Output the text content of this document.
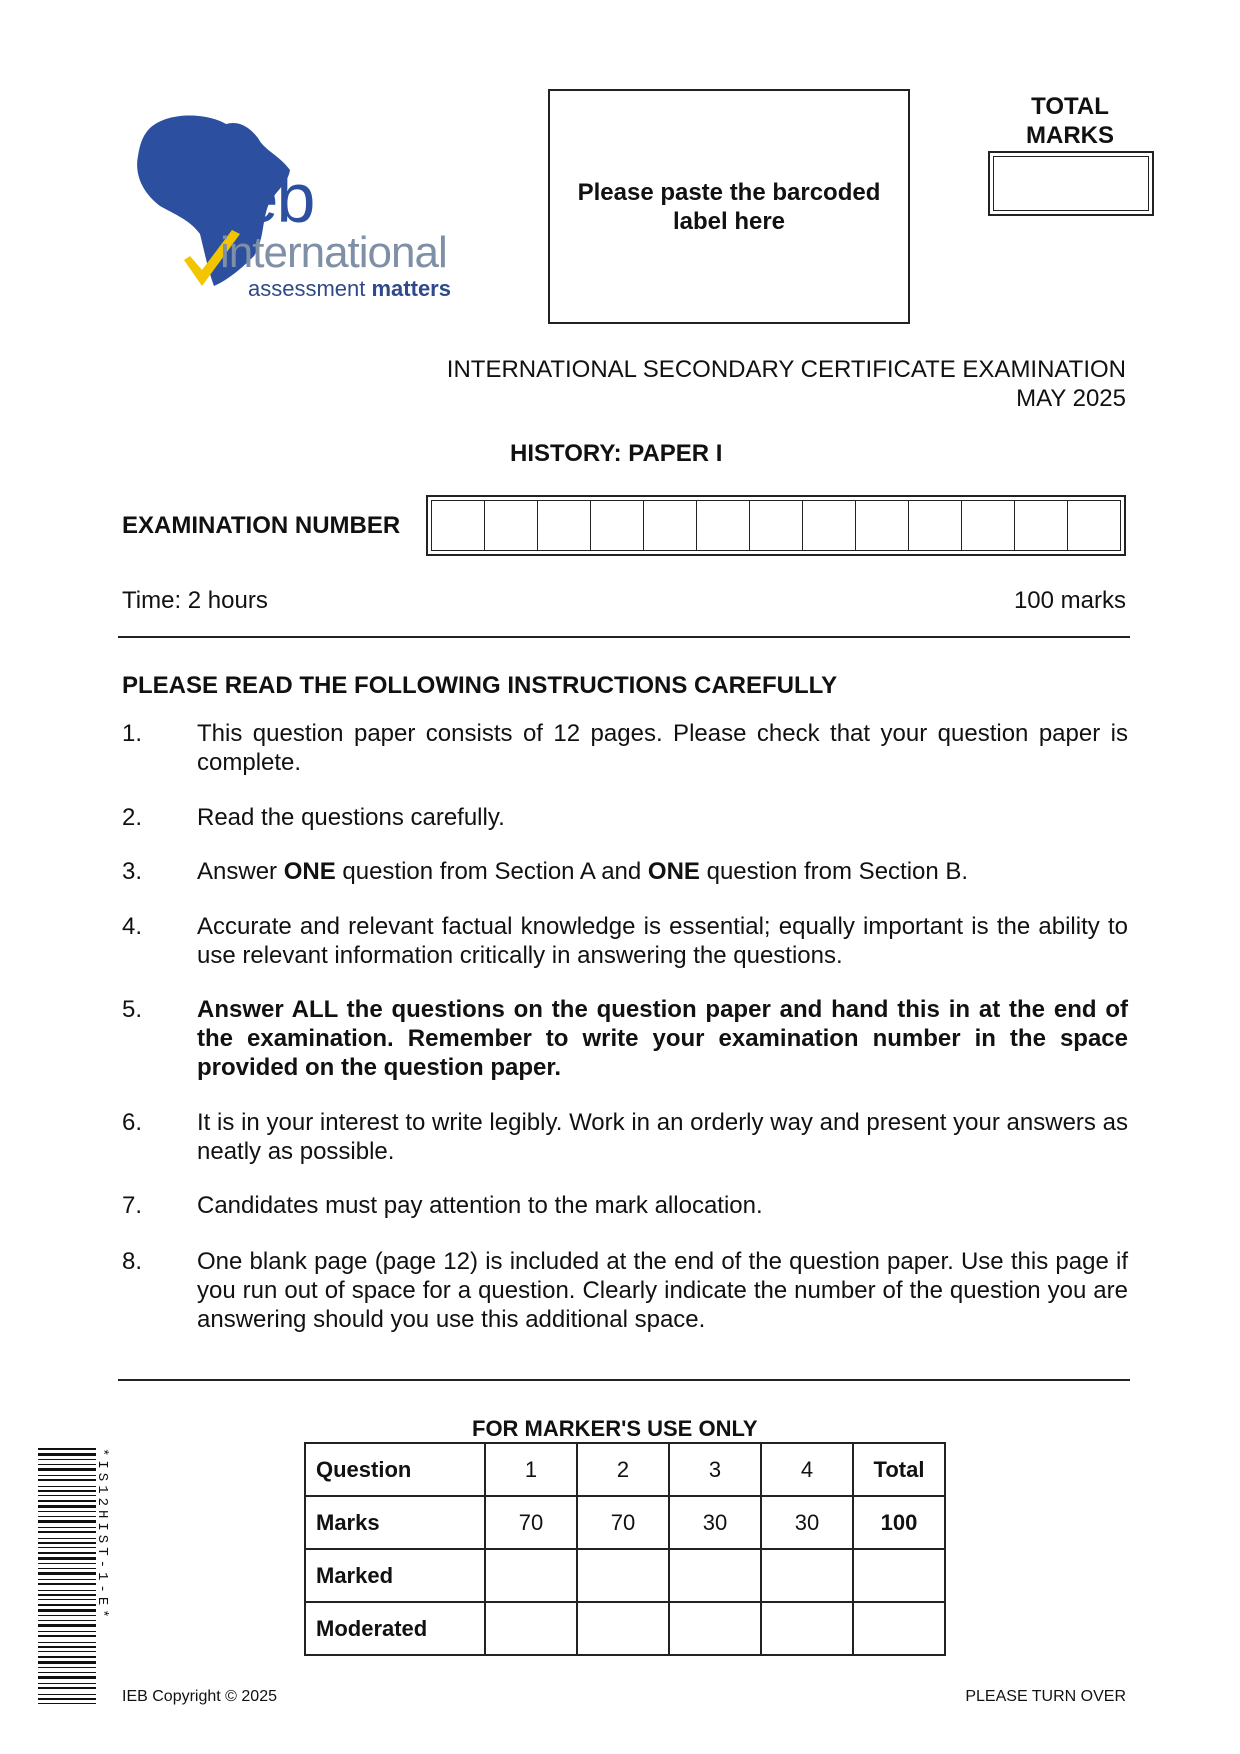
ieb
international
assessment matters
Please paste the barcoded label here
TOTAL MARKS
INTERNATIONAL SECONDARY CERTIFICATE EXAMINATION
MAY 2025
HISTORY: PAPER I
EXAMINATION NUMBER
Time: 2 hours	100 marks
PLEASE READ THE FOLLOWING INSTRUCTIONS CAREFULLY
1. This question paper consists of 12 pages. Please check that your question paper is complete.
2. Read the questions carefully.
3. Answer ONE question from Section A and ONE question from Section B.
4. Accurate and relevant factual knowledge is essential; equally important is the ability to use relevant information critically in answering the questions.
5. Answer ALL the questions on the question paper and hand this in at the end of the examination. Remember to write your examination number in the space provided on the question paper.
6. It is in your interest to write legibly. Work in an orderly way and present your answers as neatly as possible.
7. Candidates must pay attention to the mark allocation.
8. One blank page (page 12) is included at the end of the question paper. Use this page if you run out of space for a question. Clearly indicate the number of the question you are answering should you use this additional space.
FOR MARKER'S USE ONLY
Question	1	2	3	4	Total
Marks	70	70	30	30	100
Marked					
Moderated					
*IS12HIST-1-E*
IEB Copyright © 2025	PLEASE TURN OVER
